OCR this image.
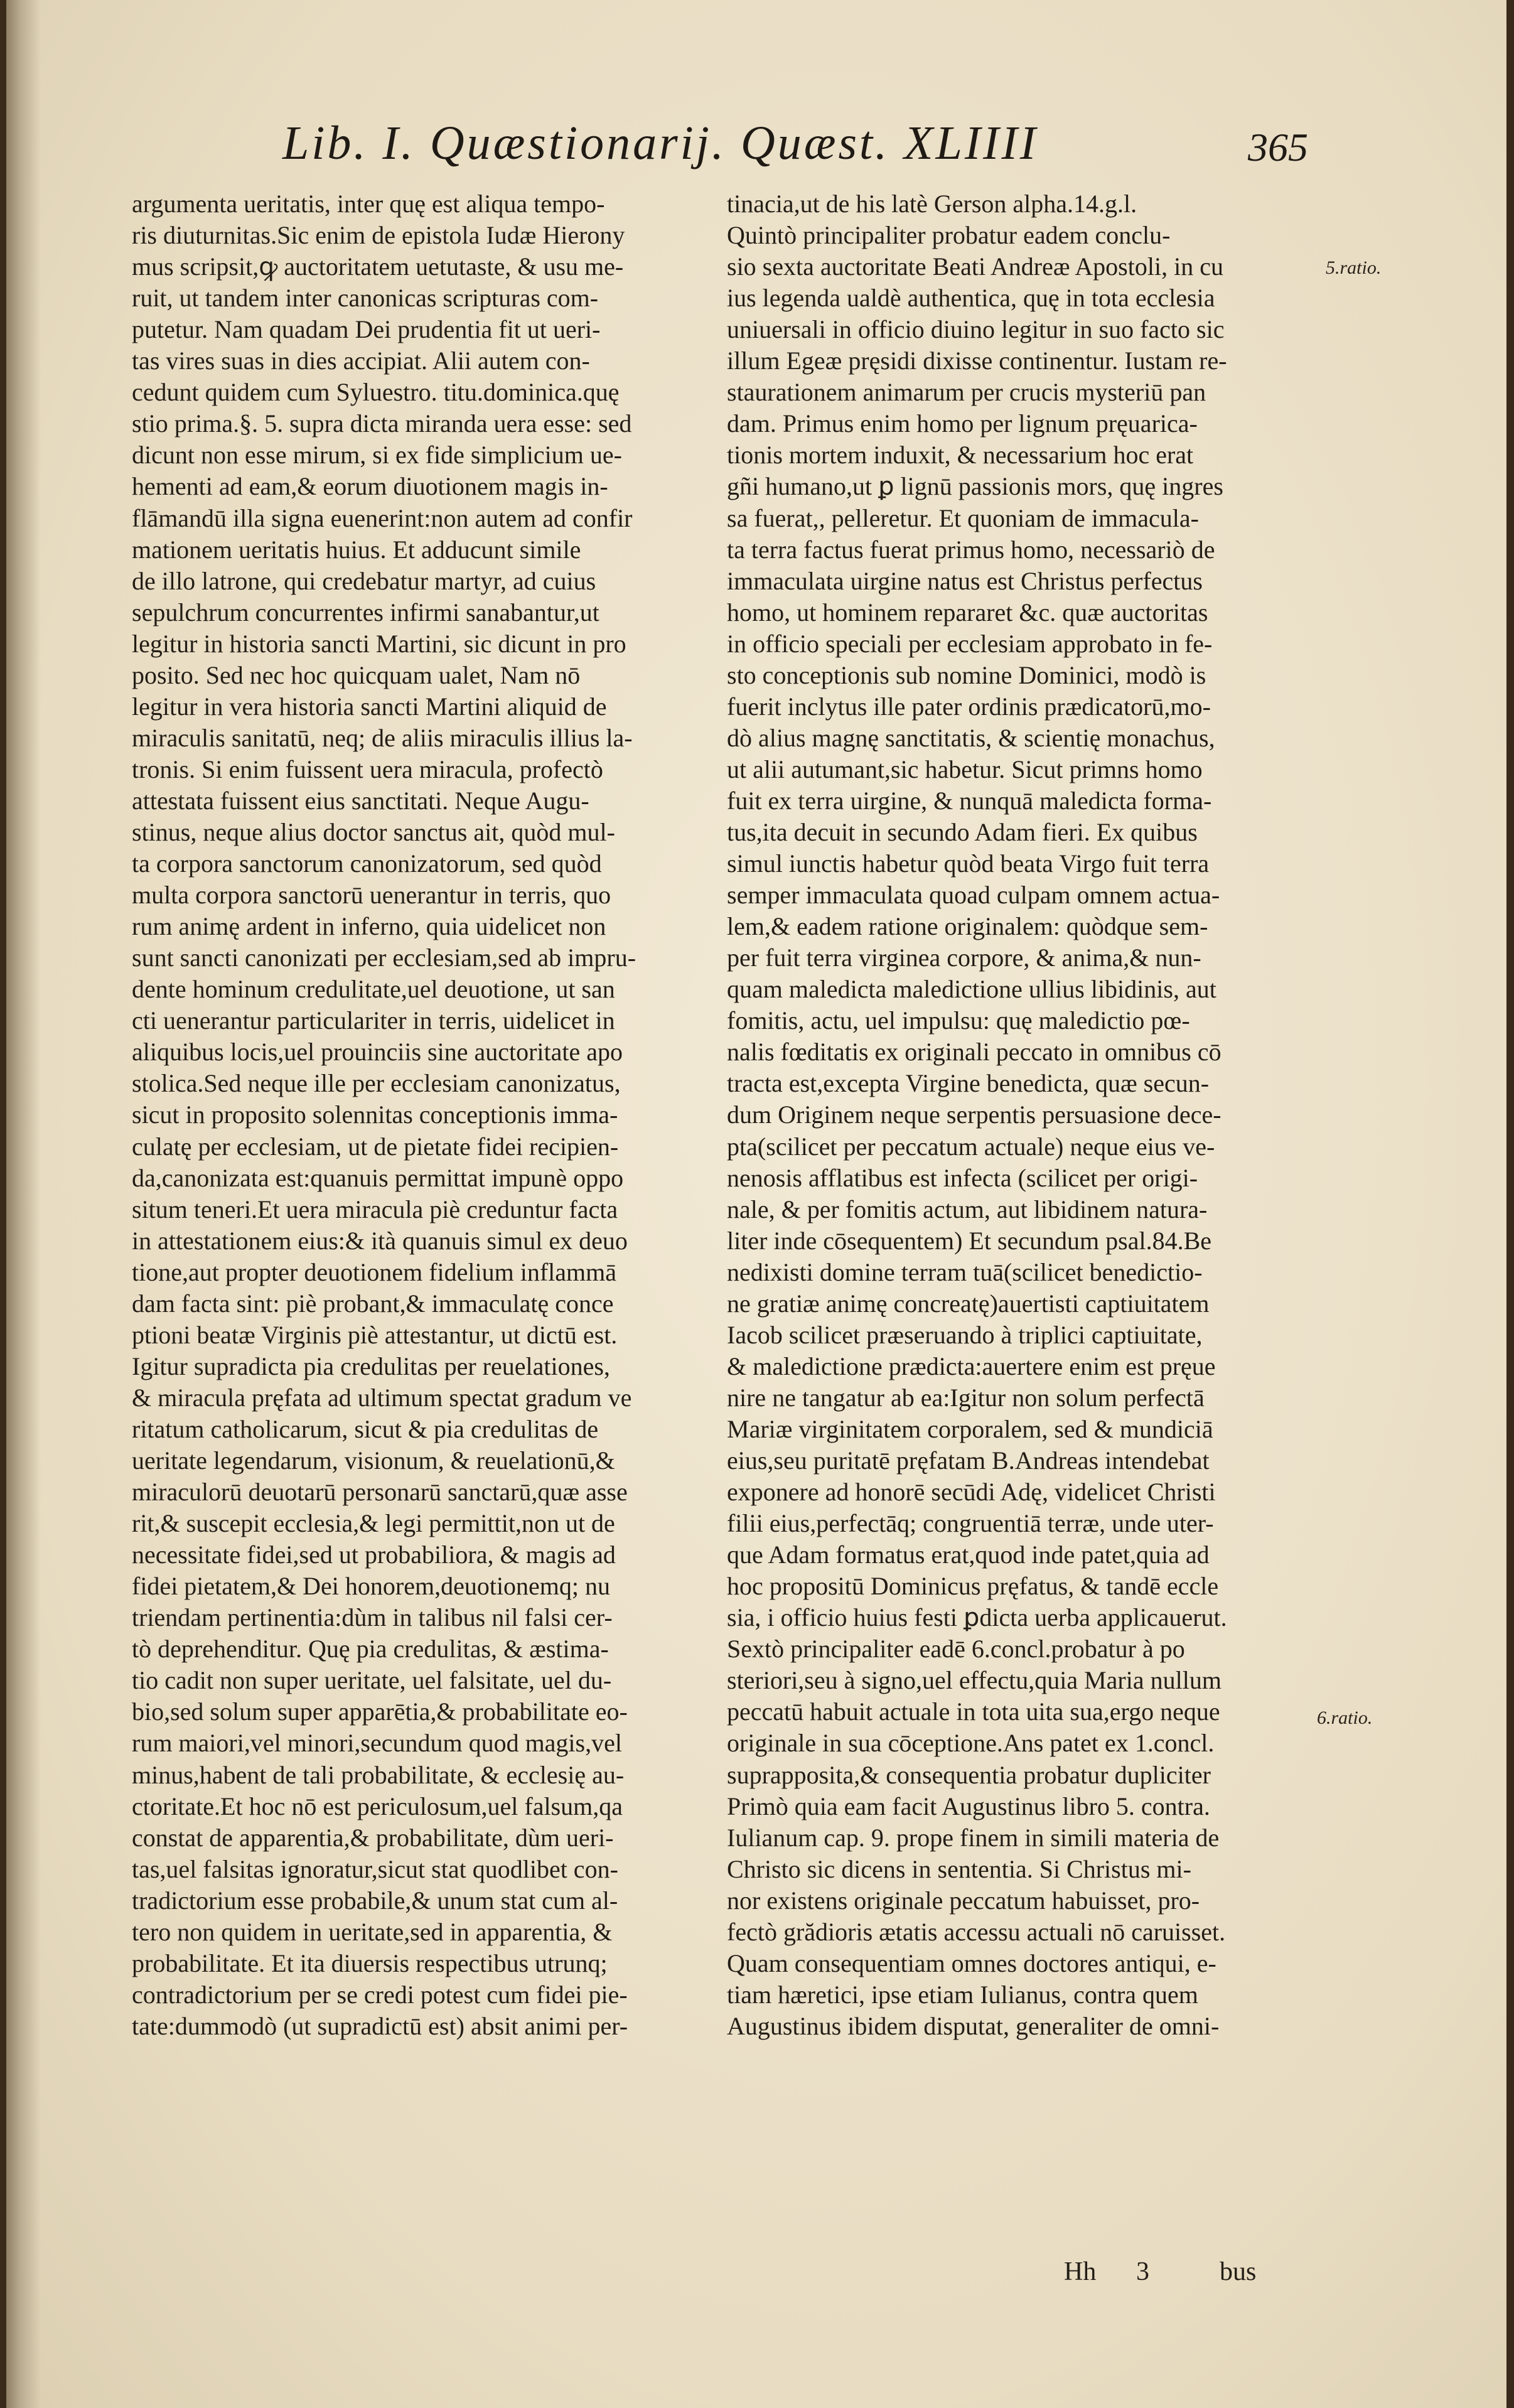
Lib. I. Quæstionarij. Quæst. XLIIII	365
argumenta ueritatis, inter quę est aliqua tempo-
ris diuturnitas.Sic enim de epistola Iudæ Hierony
mus scripsit,ꝙ auctoritatem uetutaste, & usu me-
ruit, ut tandem inter canonicas scripturas com-
putetur. Nam quadam Dei prudentia fit ut ueri-
tas vires suas in dies accipiat. Alii autem con-
cedunt quidem cum Syluestro. titu.dominica.quę
stio prima.§. 5. supra dicta miranda uera esse: sed
dicunt non esse mirum, si ex fide simplicium ue-
hementi ad eam,& eorum diuotionem magis in-
flāmandū illa signa euenerint:non autem ad confir
mationem ueritatis huius. Et adducunt simile
de illo latrone, qui credebatur martyr, ad cuius
sepulchrum concurrentes infirmi sanabantur,ut
legitur in historia sancti Martini, sic dicunt in pro
posito. Sed nec hoc quicquam ualet, Nam nō
legitur in vera historia sancti Martini aliquid de
miraculis sanitatū, neq; de aliis miraculis illius la-
tronis. Si enim fuissent uera miracula, profectò
attestata fuissent eius sanctitati. Neque Augu-
stinus, neque alius doctor sanctus ait, quòd mul-
ta corpora sanctorum canonizatorum, sed quòd
multa corpora sanctorū uenerantur in terris, quo
rum animę ardent in inferno, quia uidelicet non
sunt sancti canonizati per ecclesiam,sed ab impru-
dente hominum credulitate,uel deuotione, ut san
cti uenerantur particulariter in terris, uidelicet in
aliquibus locis,uel prouinciis sine auctoritate apo
stolica.Sed neque ille per ecclesiam canonizatus,
sicut in proposito solennitas conceptionis imma-
culatę per ecclesiam, ut de pietate fidei recipien-
da,canonizata est:quanuis permittat impunè oppo
situm teneri.Et uera miracula piè creduntur facta
in attestationem eius:& ità quanuis simul ex deuo
tione,aut propter deuotionem fidelium inflammā
dam facta sint: piè probant,& immaculatę conce
ptioni beatæ Virginis piè attestantur, ut dictū est.
Igitur supradicta pia credulitas per reuelationes,
& miracula pręfata ad ultimum spectat gradum ve
ritatum catholicarum, sicut & pia credulitas de
ueritate legendarum, visionum, & reuelationū,&
miraculorū deuotarū personarū sanctarū,quæ asse
rit,& suscepit ecclesia,& legi permittit,non ut de
necessitate fidei,sed ut probabiliora, & magis ad
fidei pietatem,& Dei honorem,deuotionemq; nu
triendam pertinentia:dùm in talibus nil falsi cer-
tò deprehenditur. Quę pia credulitas, & æstima-
tio cadit non super ueritate, uel falsitate, uel du-
bio,sed solum super apparētia,& probabilitate eo-
rum maiori,vel minori,secundum quod magis,vel
minus,habent de tali probabilitate, & ecclesię au-
ctoritate.Et hoc nō est periculosum,uel falsum,qa
constat de apparentia,& probabilitate, dùm ueri-
tas,uel falsitas ignoratur,sicut stat quodlibet con-
tradictorium esse probabile,& unum stat cum al-
tero non quidem in ueritate,sed in apparentia, &
probabilitate. Et ita diuersis respectibus utrunq;
contradictorium per se credi potest cum fidei pie-
tate:dummodò (ut supradictū est) absit animi per-
tinacia,ut de his latè Gerson alpha.14.g.l.
Quintò principaliter probatur eadem conclu-
sio sexta auctoritate Beati Andreæ Apostoli, in cu
ius legenda ualdè authentica, quę in tota ecclesia
uniuersali in officio diuino legitur in suo facto sic
illum Egeæ pręsidi dixisse continentur. Iustam re-
staurationem animarum per crucis mysteriū pan
dam. Primus enim homo per lignum pręuarica-
tionis mortem induxit, & necessarium hoc erat
gñi humano,ut ꝑ lignū passionis mors, quę ingres
sa fuerat,, pelleretur. Et quoniam de immacula-
ta terra factus fuerat primus homo, necessariò de
immaculata uirgine natus est Christus perfectus
homo, ut hominem repararet &c. quæ auctoritas
in officio speciali per ecclesiam approbato in fe-
sto conceptionis sub nomine Dominici, modò is
fuerit inclytus ille pater ordinis prædicatorū,mo-
dò alius magnę sanctitatis, & scientię monachus,
ut alii autumant,sic habetur. Sicut primns homo
fuit ex terra uirgine, & nunquā maledicta forma-
tus,ita decuit in secundo Adam fieri. Ex quibus
simul iunctis habetur quòd beata Virgo fuit terra
semper immaculata quoad culpam omnem actua-
lem,& eadem ratione originalem: quòdque sem-
per fuit terra virginea corpore, & anima,& nun-
quam maledicta maledictione ullius libidinis, aut
fomitis, actu, uel impulsu: quę maledictio pœ-
nalis fœditatis ex originali peccato in omnibus cō
tracta est,excepta Virgine benedicta, quæ secun-
dum Originem neque serpentis persuasione dece-
pta(scilicet per peccatum actuale) neque eius ve-
nenosis afflatibus est infecta (scilicet per origi-
nale, & per fomitis actum, aut libidinem natura-
liter inde cōsequentem) Et secundum psal.84.Be
nedixisti domine terram tuā(scilicet benedictio-
ne gratiæ animę concreatę)auertisti captiuitatem
Iacob scilicet præseruando à triplici captiuitate,
& maledictione prædicta:auertere enim est pręue
nire ne tangatur ab ea:Igitur non solum perfectā
Mariæ virginitatem corporalem, sed & mundiciā
eius,seu puritatē pręfatam B.Andreas intendebat
exponere ad honorē secūdi Adę, videlicet Christi
filii eius,perfectāq; congruentiā terræ, unde uter-
que Adam formatus erat,quod inde patet,quia ad
hoc propositū Dominicus pręfatus, & tandē eccle
sia, i officio huius festi ꝑdicta uerba applicauerut.
Sextò principaliter eadē 6.concl.probatur à po
steriori,seu à signo,uel effectu,quia Maria nullum
peccatū habuit actuale in tota uita sua,ergo neque
originale in sua cōceptione.Ans patet ex 1.concl.
suprapposita,& consequentia probatur dupliciter
Primò quia eam facit Augustinus libro 5. contra.
Iulianum cap. 9. prope finem in simili materia de
Christo sic dicens in sententia. Si Christus mi-
nor existens originale peccatum habuisset, pro-
fectò grădioris ætatis accessu actuali nō caruisset.
Quam consequentiam omnes doctores antiqui, e-
tiam hæretici, ipse etiam Iulianus, contra quem
Augustinus ibidem disputat, generaliter de omni-
5.ratio.
6.ratio.
Hh 3	bus
